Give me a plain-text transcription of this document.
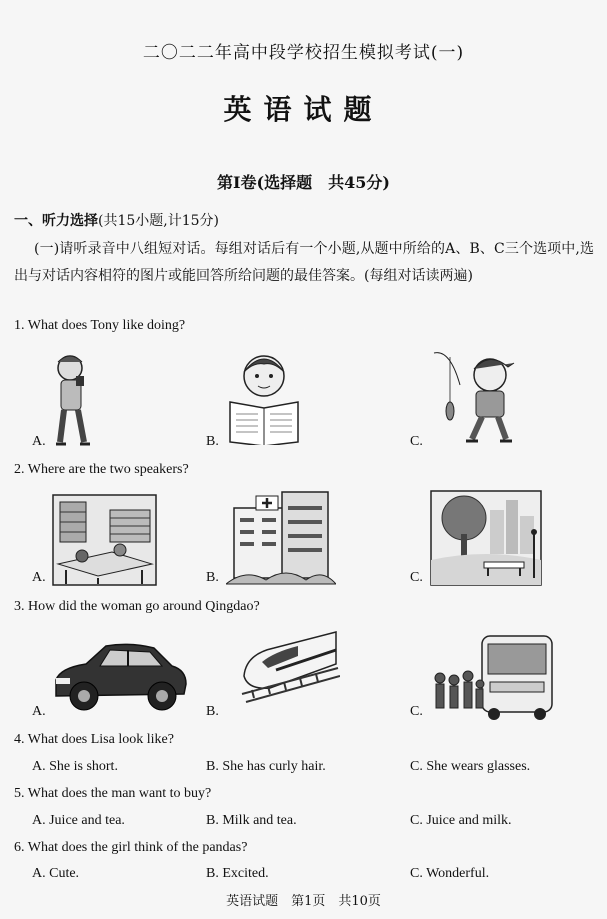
二〇二二年高中段学校招生模拟考试(一)
英语试题
第Ⅰ卷(选择题　共45分)
一、听力选择(共15小题,计15分)
(一)请听录音中八组短对话。每组对话后有一个小题,从题中所给的A、B、C三个选项中,选出与对话内容相符的图片或能回答所给问题的最佳答案。(每组对话读两遍)
1. What does Tony like doing?
A.	B.	C.
2. Where are the two speakers?
A.	B.	C.
3. How did the woman go around Qingdao?
A.	B.	C.
4. What does Lisa look like?
A. She is short.	B. She has curly hair.	C. She wears glasses.
5. What does the man want to buy?
A. Juice and tea.	B. Milk and tea.	C. Juice and milk.
6. What does the girl think of the pandas?
A. Cute.	B. Excited.	C. Wonderful.
英语试题　第1页　共10页
